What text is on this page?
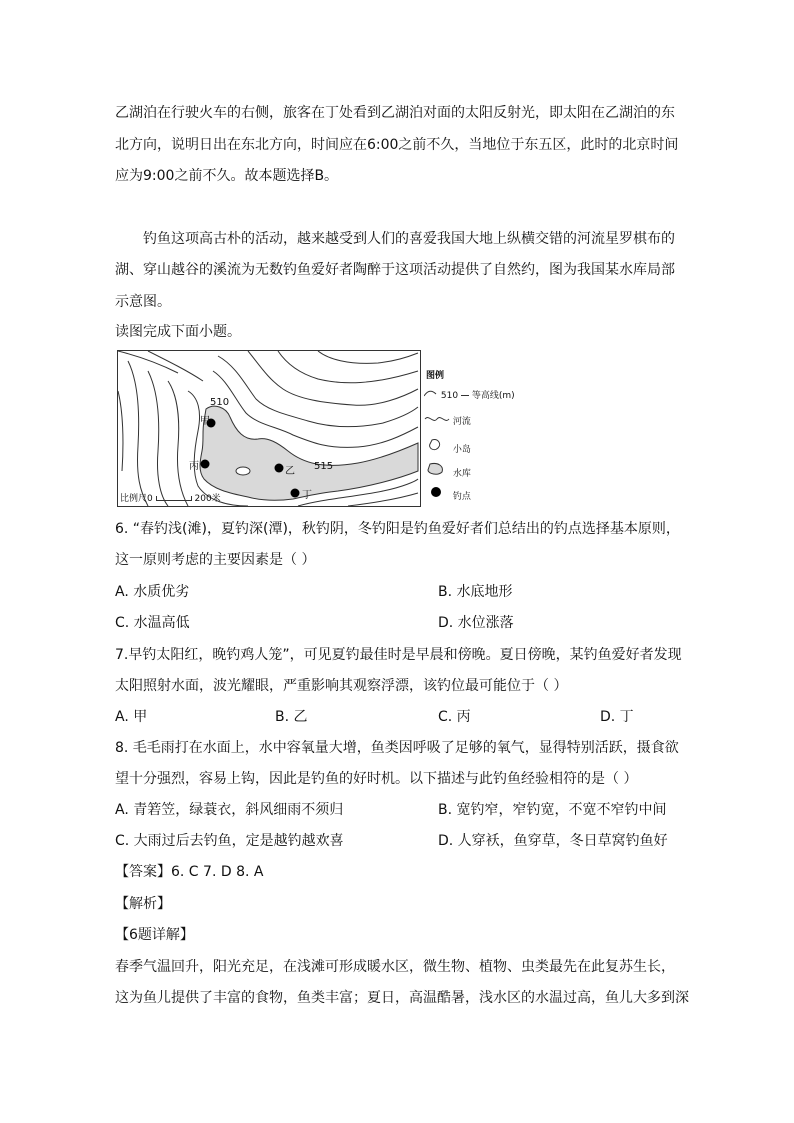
乙湖泊在行驶火车的右侧，旅客在丁处看到乙湖泊对面的太阳反射光，即太阳在乙湖泊的东
北方向，说明日出在东北方向，时间应在6:00之前不久，当地位于东五区，此时的北京时间
应为9:00之前不久。故本题选择B。
钓鱼这项高古朴的活动，越来越受到人们的喜爱我国大地上纵横交错的河流星罗棋布的
湖、穿山越谷的溪流为无数钓鱼爱好者陶醉于这项活动提供了自然约，图为我国某水库局部
示意图。
读图完成下面小题。
510
515
甲
乙
丙
丁
比例尺0	200米
图例
510 等高线(m)
河流
小岛
水库
钓点
6. “春钓浅(滩)，夏钓深(潭)，秋钓阴，冬钓阳是钓鱼爱好者们总结出的钓点选择基本原则，
这一原则考虑的主要因素是（ ）
A. 水质优劣	B. 水底地形
C. 水温高低	D. 水位涨落
7.早钓太阳红，晚钓鸡人笼”，可见夏钓最佳时是早晨和傍晚。夏日傍晚，某钓鱼爱好者发现
太阳照射水面，波光耀眼，严重影响其观察浮漂，该钓位最可能位于（ ）
A. 甲	B. 乙	C. 丙	D. 丁
8. 毛毛雨打在水面上，水中容氧量大增，鱼类因呼吸了足够的氧气，显得特别活跃，摄食欲
望十分强烈，容易上钩，因此是钓鱼的好时机。以下描述与此钓鱼经验相符的是（ ）
A. 青箬笠，绿蓑衣，斜风细雨不须归	B. 宽钓窄，窄钓宽，不宽不窄钓中间
C. 大雨过后去钓鱼，定是越钓越欢喜	D. 人穿袄，鱼穿草，冬日草窝钓鱼好
【答案】6. C 7. D 8. A
【解析】
【6题详解】
春季气温回升，阳光充足，在浅滩可形成暖水区，微生物、植物、虫类最先在此复苏生长，
这为鱼儿提供了丰富的食物，鱼类丰富；夏日，高温酷暑，浅水区的水温过高，鱼儿大多到深
